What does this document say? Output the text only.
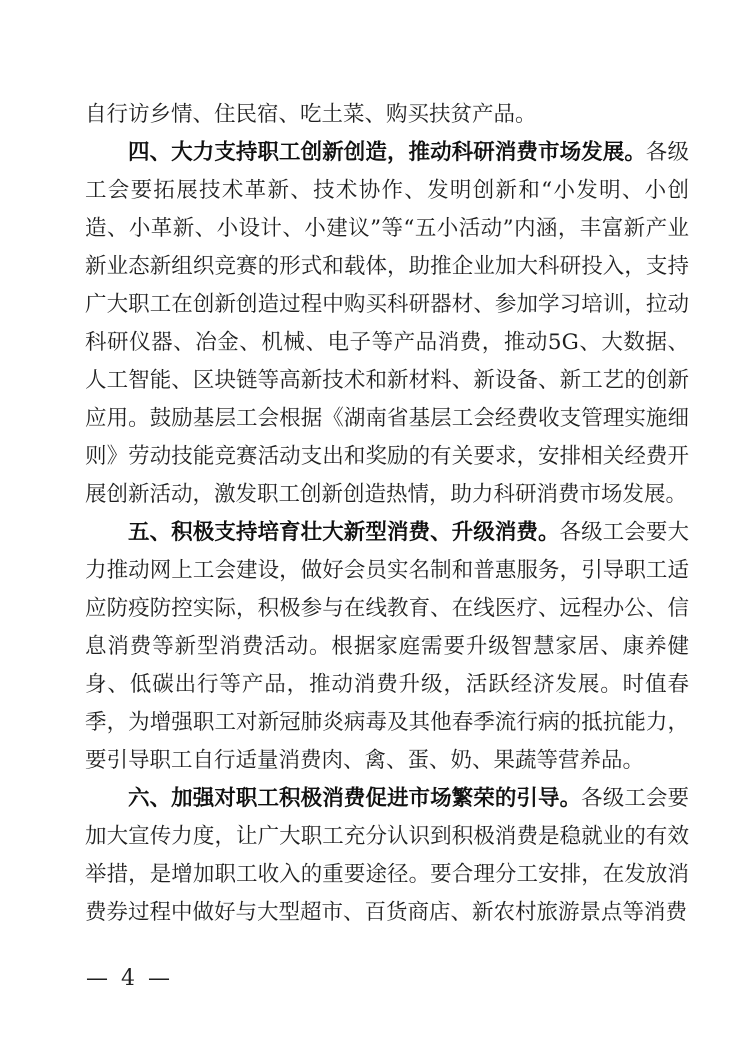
自行访乡情、住民宿、吃土菜、购买扶贫产品。

四、大力支持职工创新创造，推动科研消费市场发展。各级工会要拓展技术革新、技术协作、发明创新和“小发明、小创造、小革新、小设计、小建议”等“五小活动”内涵，丰富新产业新业态新组织竞赛的形式和载体，助推企业加大科研投入，支持广大职工在创新创造过程中购买科研器材、参加学习培训，拉动科研仪器、冶金、机械、电子等产品消费，推动5G、大数据、人工智能、区块链等高新技术和新材料、新设备、新工艺的创新应用。鼓励基层工会根据《湖南省基层工会经费收支管理实施细则》劳动技能竞赛活动支出和奖励的有关要求，安排相关经费开展创新活动，激发职工创新创造热情，助力科研消费市场发展。

五、积极支持培育壮大新型消费、升级消费。各级工会要大力推动网上工会建设，做好会员实名制和普惠服务，引导职工适应防疫防控实际，积极参与在线教育、在线医疗、远程办公、信息消费等新型消费活动。根据家庭需要升级智慧家居、康养健身、低碳出行等产品，推动消费升级，活跃经济发展。时值春季，为增强职工对新冠肺炎病毒及其他春季流行病的抵抗能力，要引导职工自行适量消费肉、禽、蛋、奶、果蔬等营养品。

六、加强对职工积极消费促进市场繁荣的引导。各级工会要加大宣传力度，让广大职工充分认识到积极消费是稳就业的有效举措，是增加职工收入的重要途径。要合理分工安排，在发放消费券过程中做好与大型超市、百货商店、新农村旅游景点等消费

— 4 —
